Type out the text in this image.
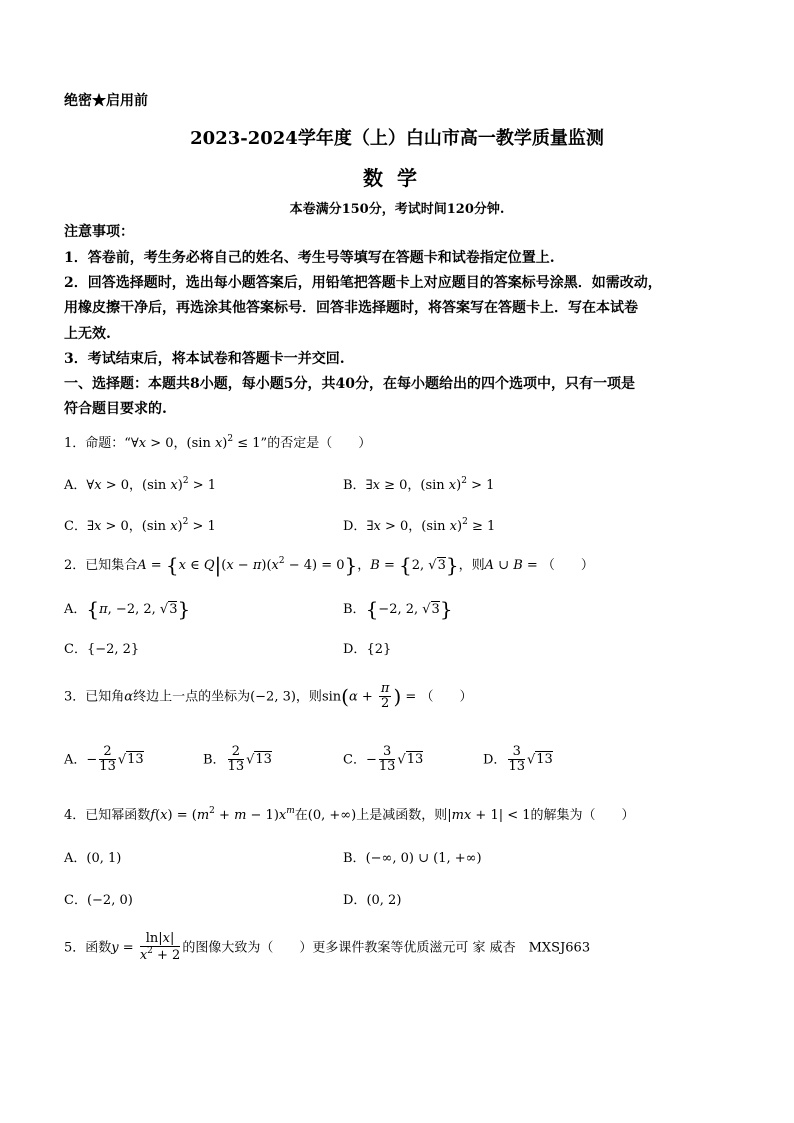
绝密★启用前
2023-2024学年度（上）白山市高一教学质量监测
数学
本卷满分150分，考试时间120分钟.
注意事项：
1．答卷前，考生务必将自己的姓名、考生号等填写在答题卡和试卷指定位置上.
2．回答选择题时，选出每小题答案后，用铅笔把答题卡上对应题目的答案标号涂黑．如需改动，
用橡皮擦干净后，再选涂其他答案标号．回答非选择题时，将答案写在答题卡上．写在本试卷
上无效.
3．考试结束后，将本试卷和答题卡一并交回.
一、选择题：本题共8小题，每小题5分，共40分，在每小题给出的四个选项中，只有一项是
符合题目要求的.
1．命题：“∀x > 0，(sin x)$^2$ ≤ 1”的否定是（　　）
A．∀x > 0，(sin x)$^2$ > 1	B．∃x ≥ 0，(sin x)$^2$ > 1
C．∃x > 0，(sin x)$^2$ > 1	D．∃x > 0，(sin x)$^2$ ≥ 1
2．已知集合A = {x ∈ $Q|(x - \pi)(x^2 - 4) = 0$}，B = {2, √3}，则A ∪ B = （　　）
A．{π, −2, 2, √3}	B．{−2, 2, √3}
C．{−2, 2}	D．{2}
3．已知角α终边上一点的坐标为(−2, 3)，则$\sin(\alpha + \frac{\pi}{2}$ ) = （　　）
A．− $\frac{2}{13} √13$	B． $\frac{2}{13} √13$	C．− $\frac{3}{13} √13$	D． $\frac{3}{13} √13$
4．已知幂函数$f(x) = (m^2 + m - 1)x^m$在(0, +∞)上是减函数，则|mx + 1| < 1的解集为（　　）
A．(0, 1)	B．(−∞, 0) ∪ (1, +∞)
C．(−2, 0)	D．(0, 2)
5．函数$y = \frac{\ln|x|}{x^2 + 2}$ 的图像大致为（　　）更多课件教案等优质滋元可 家 威杏　MXSJ663
